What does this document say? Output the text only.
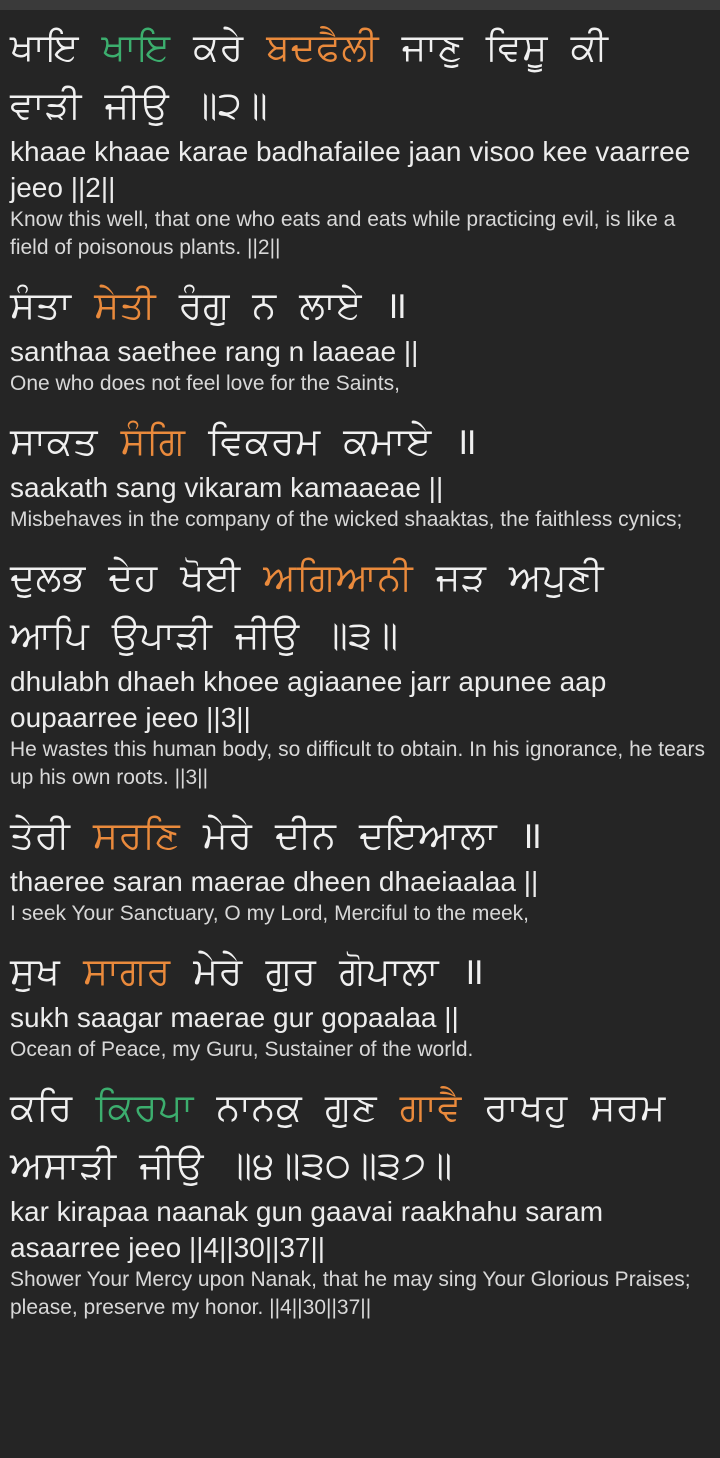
ਖਾਇ ਖਾਇ ਕਰੇ ਬਦਫੈਲੀ ਜਾਣੁ ਵਿਸੂ ਕੀ ਵਾੜੀ ਜੀਉ ॥੨॥

khaae khaae karae badhafailee jaan visoo kee vaarree jeeo ||2||

Know this well, that one who eats and eats while practicing evil, is like a field of poisonous plants. ||2||

ਸੰਤਾ ਸੇਤੀ ਰੰਗੁ ਨ ਲਾਏ ॥

santhaa saethee rang n laaeae ||

One who does not feel love for the Saints,

ਸਾਕਤ ਸੰਗਿ ਵਿਕਰਮ ਕਮਾਏ ॥

saakath sang vikaram kamaaeae ||

Misbehaves in the company of the wicked shaaktas, the faithless cynics;

ਦੁਲਭ ਦੇਹ ਖੋਈ ਅਗਿਆਨੀ ਜੜ ਅਪੁਣੀ ਆਪਿ ਉਪਾੜੀ ਜੀਉ ॥੩॥

dhulabh dhaeh khoee agiaanee jarr apunee aap oupaarree jeeo ||3||

He wastes this human body, so difficult to obtain. In his ignorance, he tears up his own roots. ||3||

ਤੇਰੀ ਸਰਣਿ ਮੇਰੇ ਦੀਨ ਦਇਆਲਾ ॥

thaeree saran maerae dheen dhaeiaalaa ||

I seek Your Sanctuary, O my Lord, Merciful to the meek,

ਸੁਖ ਸਾਗਰ ਮੇਰੇ ਗੁਰ ਗੋਪਾਲਾ ॥

sukh saagar maerae gur gopaalaa ||

Ocean of Peace, my Guru, Sustainer of the world.

ਕਰਿ ਕਿਰਪਾ ਨਾਨਕੁ ਗੁਣ ਗਾਵੈ ਰਾਖਹੁ ਸਰਮ ਅਸਾੜੀ ਜੀਉ ॥੪॥੩੦॥੩੭॥

kar kirapaa naanak gun gaavai raakhahu saram asaarree jeeo ||4||30||37||

Shower Your Mercy upon Nanak, that he may sing Your Glorious Praises; please, preserve my honor. ||4||30||37||
